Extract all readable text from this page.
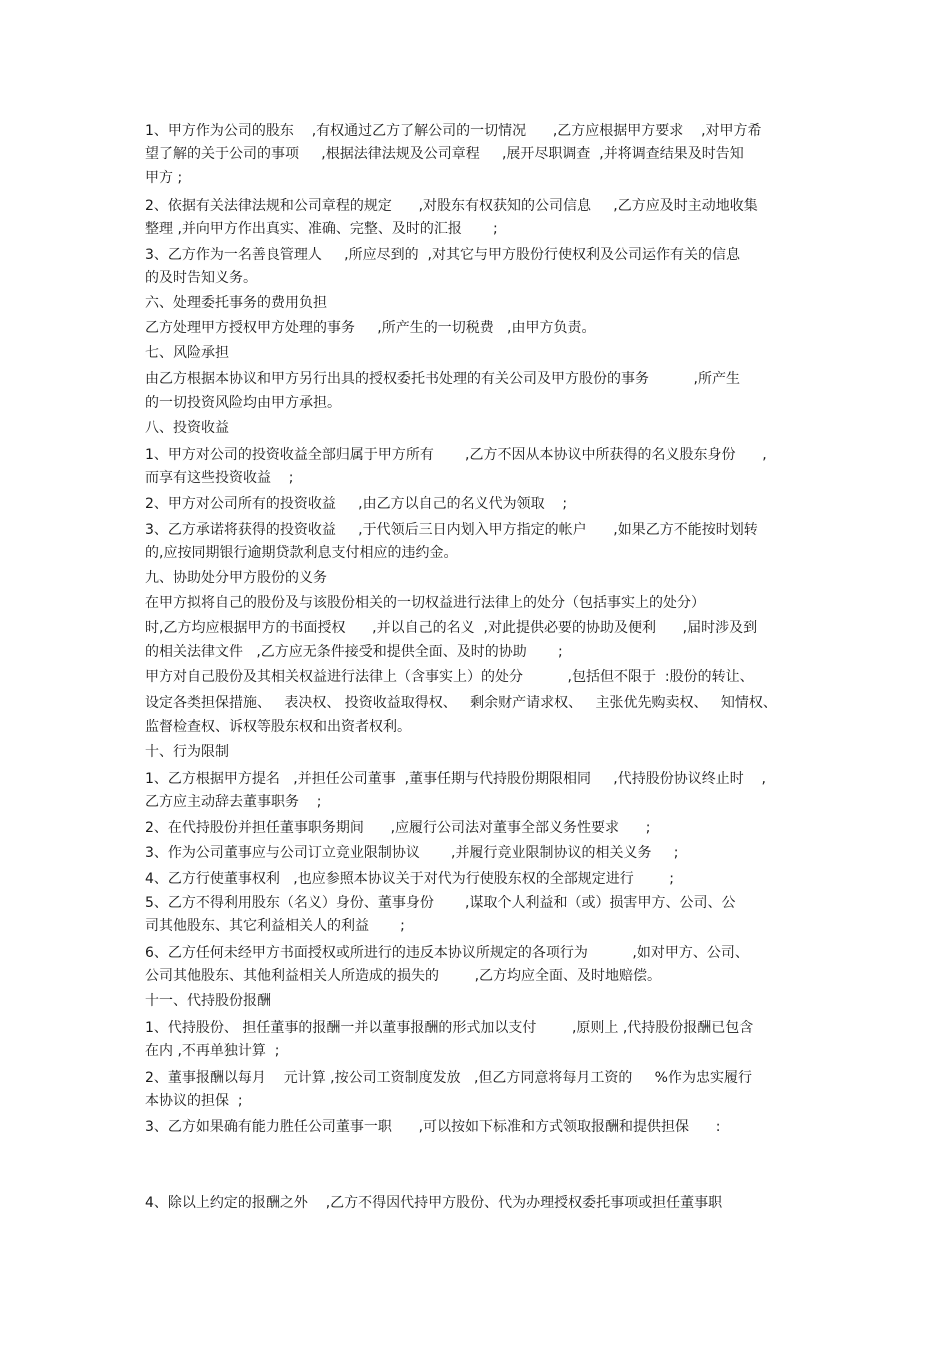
1、甲方作为公司的股东    ,有权通过乙方了解公司的一切情况      ,乙方应根据甲方要求    ,对甲方希
望了解的关于公司的事项     ,根据法律法规及公司章程     ,展开尽职调查  ,并将调查结果及时告知
甲方 ;
2、依据有关法律法规和公司章程的规定      ,对股东有权获知的公司信息     ,乙方应及时主动地收集
整理 ,并向甲方作出真实、准确、完整、及时的汇报       ;
3、乙方作为一名善良管理人     ,所应尽到的  ,对其它与甲方股份行使权利及公司运作有关的信息
的及时告知义务。
六、处理委托事务的费用负担
乙方处理甲方授权甲方处理的事务     ,所产生的一切税费   ,由甲方负责。
七、风险承担
由乙方根据本协议和甲方另行出具的授权委托书处理的有关公司及甲方股份的事务          ,所产生
的一切投资风险均由甲方承担。
八、投资收益
1、甲方对公司的投资收益全部归属于甲方所有       ,乙方不因从本协议中所获得的名义股东身份      ,
而享有这些投资收益    ;
2、甲方对公司所有的投资收益     ,由乙方以自己的名义代为领取    ;
3、乙方承诺将获得的投资收益     ,于代领后三日内划入甲方指定的帐户      ,如果乙方不能按时划转
的,应按同期银行逾期贷款利息支付相应的违约金。
九、协助处分甲方股份的义务
在甲方拟将自己的股份及与该股份相关的一切权益进行法律上的处分（包括事实上的处分）
时,乙方均应根据甲方的书面授权      ,并以自己的名义  ,对此提供必要的协助及便利      ,届时涉及到
的相关法律文件   ,乙方应无条件接受和提供全面、及时的协助       ;
甲方对自己股份及其相关权益进行法律上（含事实上）的处分          ,包括但不限于  :股份的转让、
设定各类担保措施、   表决权、 投资收益取得权、   剩余财产请求权、   主张优先购卖权、   知情权、
监督检查权、诉权等股东权和出资者权利。
十、行为限制
1、乙方根据甲方提名   ,并担任公司董事  ,董事任期与代持股份期限相同     ,代持股份协议终止时    ,
乙方应主动辞去董事职务    ;
2、在代持股份并担任董事职务期间      ,应履行公司法对董事全部义务性要求      ;
3、作为公司董事应与公司订立竞业限制协议       ,并履行竞业限制协议的相关义务     ;
4、乙方行使董事权利   ,也应参照本协议关于对代为行使股东权的全部规定进行        ;
5、乙方不得利用股东（名义）身份、董事身份       ,谋取个人利益和（或）损害甲方、公司、公
司其他股东、其它利益相关人的利益       ;
6、乙方任何未经甲方书面授权或所进行的违反本协议所规定的各项行为          ,如对甲方、公司、
公司其他股东、其他利益相关人所造成的损失的        ,乙方均应全面、及时地赔偿。
十一、代持股份报酬
1、代持股份、 担任董事的报酬一并以董事报酬的形式加以支付        ,原则上 ,代持股份报酬已包含
在内 ,不再单独计算  ;
2、董事报酬以每月    元计算 ,按公司工资制度发放   ,但乙方同意将每月工资的     %作为忠实履行
本协议的担保  ;
3、乙方如果确有能力胜任公司董事一职      ,可以按如下标准和方式领取报酬和提供担保      :
4、除以上约定的报酬之外    ,乙方不得因代持甲方股份、代为办理授权委托事项或担任董事职
